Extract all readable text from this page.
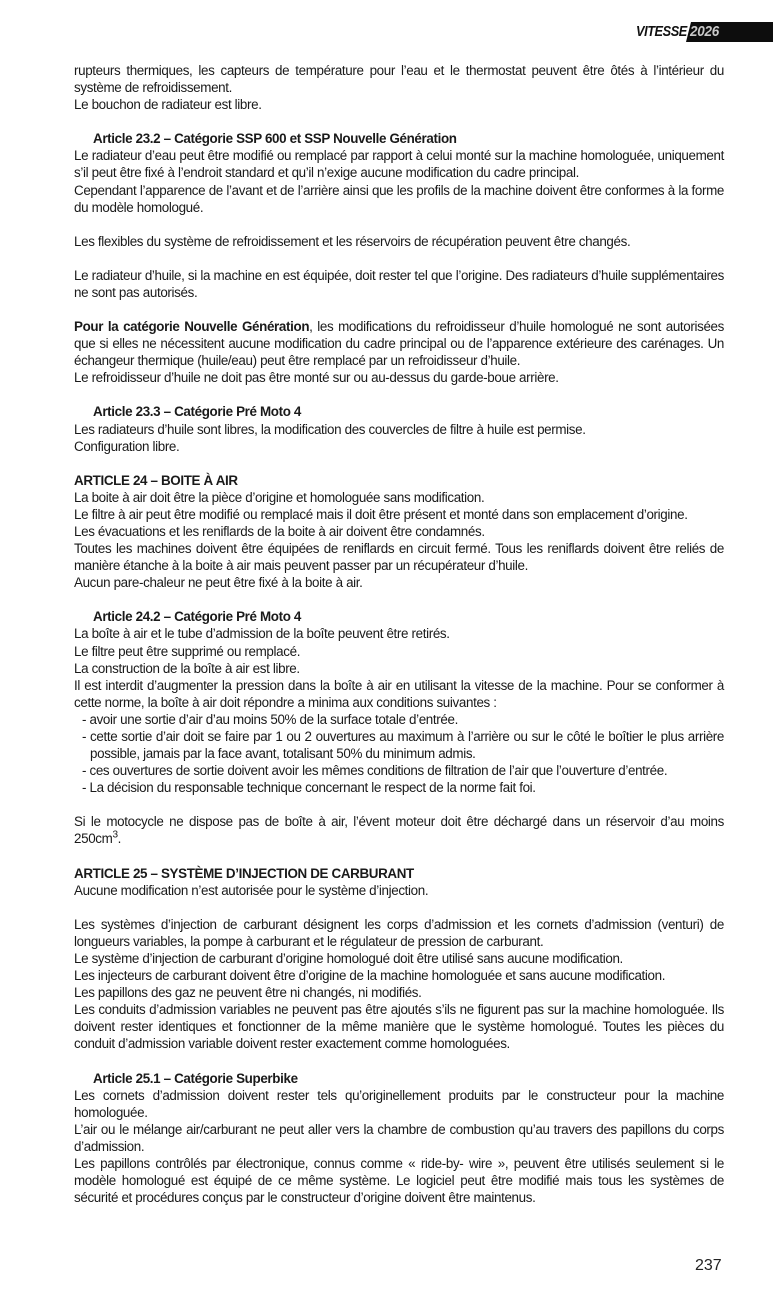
VITESSE 2026

rupteurs thermiques, les capteurs de température pour l’eau et le thermostat peuvent être ôtés à l’intérieur du système de refroidissement.

Le bouchon de radiateur est libre.

Article 23.2 – Catégorie SSP 600 et SSP Nouvelle Génération

Le radiateur d’eau peut être modifié ou remplacé par rapport à celui monté sur la machine homologuée, uniquement s’il peut être fixé à l’endroit standard et qu’il n’exige aucune modification du cadre principal.

Cependant l’apparence de l’avant et de l’arrière ainsi que les profils de la machine doivent être conformes à la forme du modèle homologué.

Les flexibles du système de refroidissement et les réservoirs de récupération peuvent être changés.

Le radiateur d’huile, si la machine en est équipée, doit rester tel que l’origine. Des radiateurs d’huile supplémentaires ne sont pas autorisés.

Pour la catégorie Nouvelle Génération, les modifications du refroidisseur d’huile homologué ne sont autorisées que si elles ne nécessitent aucune modification du cadre principal ou de l’apparence extérieure des carénages. Un échangeur thermique (huile/eau) peut être remplacé par un refroidisseur d’huile.

Le refroidisseur d’huile ne doit pas être monté sur ou au-dessus du garde-boue arrière.

Article 23.3 – Catégorie Pré Moto 4

Les radiateurs d’huile sont libres, la modification des couvercles de filtre à huile est permise.

Configuration libre.

ARTICLE 24 – BOITE À AIR

La boite à air doit être la pièce d’origine et homologuée sans modification.

Le filtre à air peut être modifié ou remplacé mais il doit être présent et monté dans son emplacement d’origine.

Les évacuations et les reniflards de la boite à air doivent être condamnés.

Toutes les machines doivent être équipées de reniflards en circuit fermé. Tous les reniflards doivent être reliés de manière étanche à la boite à air mais peuvent passer par un récupérateur d’huile.

Aucun pare-chaleur ne peut être fixé à la boite à air.

Article 24.2 – Catégorie Pré Moto 4

La boîte à air et le tube d’admission de la boîte peuvent être retirés.

Le filtre peut être supprimé ou remplacé.

La construction de la boîte à air est libre.

Il est interdit d’augmenter la pression dans la boîte à air en utilisant la vitesse de la machine. Pour se conformer à cette norme, la boîte à air doit répondre a minima aux conditions suivantes :

- avoir une sortie d’air d’au moins 50% de la surface totale d’entrée.

- cette sortie d’air doit se faire par 1 ou 2 ouvertures au maximum à l’arrière ou sur le côté le boîtier le plus arrière possible, jamais par la face avant, totalisant 50% du minimum admis.

- ces ouvertures de sortie doivent avoir les mêmes conditions de filtration de l’air que l’ouverture d’entrée.

- La décision du responsable technique concernant le respect de la norme fait foi.

Si le motocycle ne dispose pas de boîte à air, l’évent moteur doit être déchargé dans un réservoir d’au moins $250cm^3$.

ARTICLE 25 – SYSTÈME D’INJECTION DE CARBURANT

Aucune modification n’est autorisée pour le système d’injection.

Les systèmes d’injection de carburant désignent les corps d’admission et les cornets d’admission (venturi) de longueurs variables, la pompe à carburant et le régulateur de pression de carburant.

Le système d’injection de carburant d’origine homologué doit être utilisé sans aucune modification.

Les injecteurs de carburant doivent être d’origine de la machine homologuée et sans aucune modification.

Les papillons des gaz ne peuvent être ni changés, ni modifiés.

Les conduits d’admission variables ne peuvent pas être ajoutés s’ils ne figurent pas sur la machine homologuée. Ils doivent rester identiques et fonctionner de la même manière que le système homologué. Toutes les pièces du conduit d’admission variable doivent rester exactement comme homologuées.

Article 25.1 – Catégorie Superbike

Les cornets d’admission doivent rester tels qu’originellement produits par le constructeur pour la machine homologuée.

L’air ou le mélange air/carburant ne peut aller vers la chambre de combustion qu’au travers des papillons du corps d’admission.

Les papillons contrôlés par électronique, connus comme « ride-by- wire », peuvent être utilisés seulement si le modèle homologué est équipé de ce même système. Le logiciel peut être modifié mais tous les systèmes de sécurité et procédures conçus par le constructeur d’origine doivent être maintenus.

237
